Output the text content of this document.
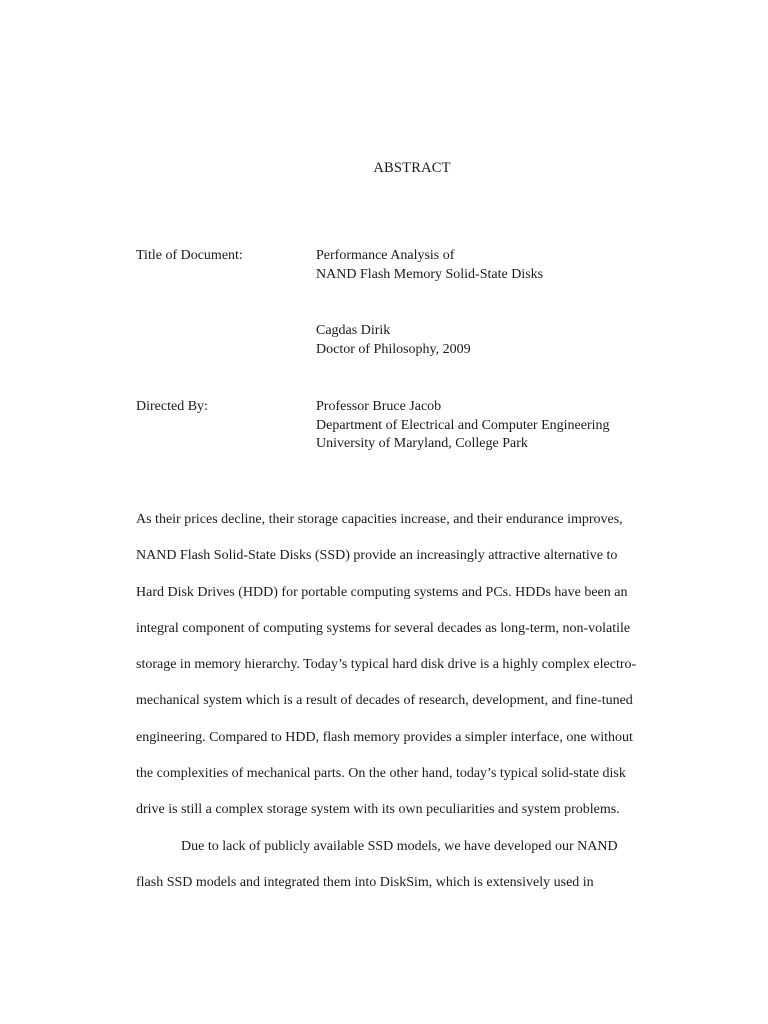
ABSTRACT
Title of Document:	Performance Analysis of
NAND Flash Memory Solid-State Disks
Cagdas Dirik
Doctor of Philosophy, 2009
Directed By:	Professor Bruce Jacob
Department of Electrical and Computer Engineering
University of Maryland, College Park
As their prices decline, their storage capacities increase, and their endurance improves,
NAND Flash Solid-State Disks (SSD) provide an increasingly attractive alternative to
Hard Disk Drives (HDD) for portable computing systems and PCs. HDDs have been an
integral component of computing systems for several decades as long-term, non-volatile
storage in memory hierarchy. Today’s typical hard disk drive is a highly complex electro-
mechanical system which is a result of decades of research, development, and fine-tuned
engineering. Compared to HDD, flash memory provides a simpler interface, one without
the complexities of mechanical parts. On the other hand, today’s typical solid-state disk
drive is still a complex storage system with its own peculiarities and system problems.
Due to lack of publicly available SSD models, we have developed our NAND
flash SSD models and integrated them into DiskSim, which is extensively used in
